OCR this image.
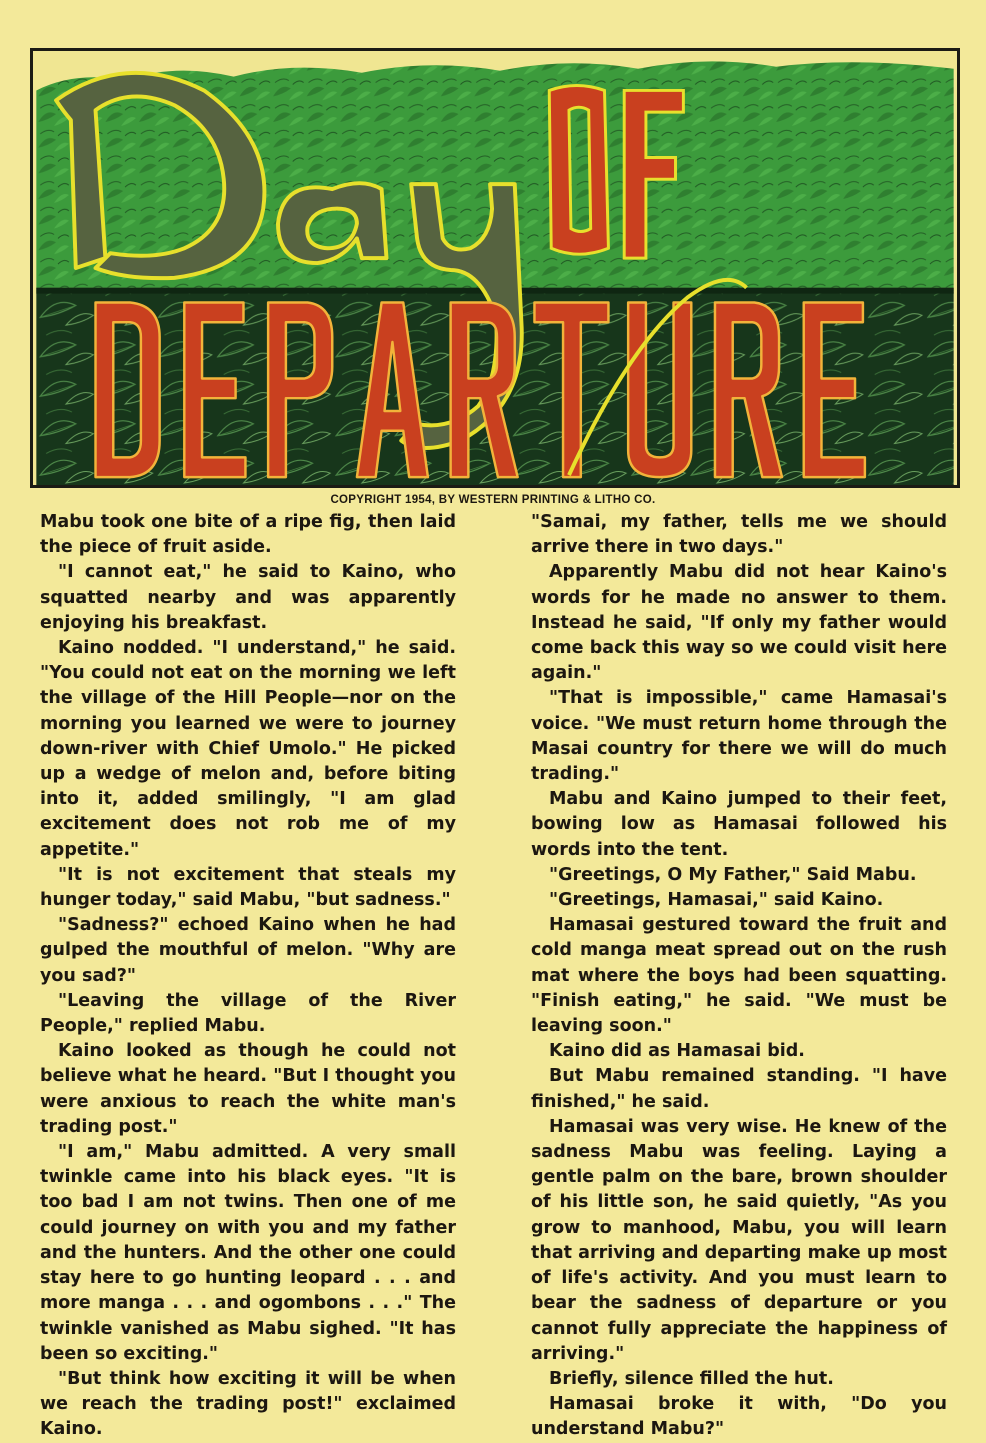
COPYRIGHT 1954, BY WESTERN PRINTING & LITHO CO.

Mabu took one bite of a ripe fig, then laid the piece of fruit aside.

"I cannot eat," he said to Kaino, who squatted nearby and was apparently enjoying his breakfast.

Kaino nodded. "I understand," he said. "You could not eat on the morning we left the village of the Hill People—nor on the morning you learned we were to journey down-river with Chief Umolo." He picked up a wedge of melon and, before biting into it, added smilingly, "I am glad excitement does not rob me of my appetite."

"It is not excitement that steals my hunger today," said Mabu, "but sadness."

"Sadness?" echoed Kaino when he had gulped the mouthful of melon. "Why are you sad?"

"Leaving the village of the River People," replied Mabu.

Kaino looked as though he could not believe what he heard. "But I thought you were anxious to reach the white man's trading post."

"I am," Mabu admitted. A very small twinkle came into his black eyes. "It is too bad I am not twins. Then one of me could journey on with you and my father and the hunters. And the other one could stay here to go hunting leopard . . . and more manga . . . and ogombons . . ." The twinkle vanished as Mabu sighed. "It has been so exciting."

"But think how exciting it will be when we reach the trading post!" exclaimed Kaino.

"Samai, my father, tells me we should arrive there in two days."

Apparently Mabu did not hear Kaino's words for he made no answer to them. Instead he said, "If only my father would come back this way so we could visit here again."

"That is impossible," came Hamasai's voice. "We must return home through the Masai country for there we will do much trading."

Mabu and Kaino jumped to their feet, bowing low as Hamasai followed his words into the tent.

"Greetings, O My Father," Said Mabu.

"Greetings, Hamasai," said Kaino.

Hamasai gestured toward the fruit and cold manga meat spread out on the rush mat where the boys had been squatting. "Finish eating," he said. "We must be leaving soon."

Kaino did as Hamasai bid.

But Mabu remained standing. "I have finished," he said.

Hamasai was very wise. He knew of the sadness Mabu was feeling. Laying a gentle palm on the bare, brown shoulder of his little son, he said quietly, "As you grow to manhood, Mabu, you will learn that arriving and departing make up most of life's activity. And you must learn to bear the sadness of departure or you cannot fully appreciate the happiness of arriving."

Briefly, silence filled the hut.

Hamasai broke it with, "Do you understand Mabu?"
